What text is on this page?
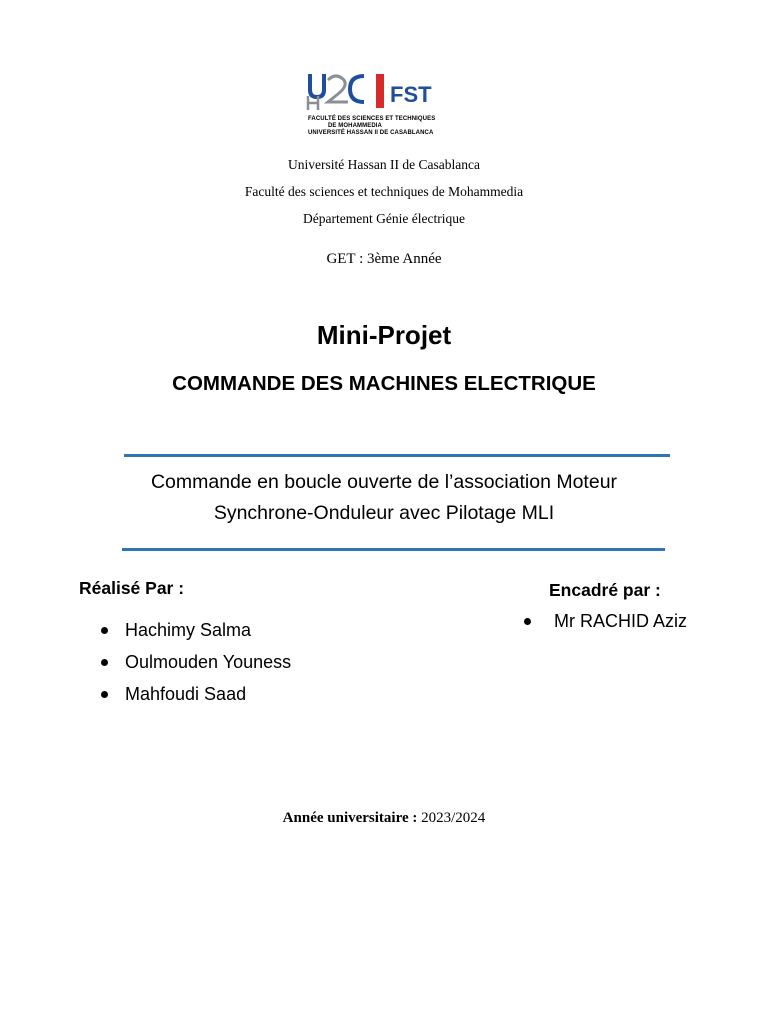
FST
FACULTÉ DES SCIENCES ET TECHNIQUES
DE MOHAMMEDIA
UNIVERSITÉ HASSAN II DE CASABLANCA
Université Hassan II de Casablanca
Faculté des sciences et techniques de Mohammedia
Département Génie électrique
GET : 3ème Année
Mini-Projet
COMMANDE DES MACHINES ELECTRIQUE
Commande en boucle ouverte de l’association Moteur
Synchrone-Onduleur avec Pilotage MLI
Réalisé Par :
Hachimy Salma
Oulmouden Youness
Mahfoudi Saad
Encadré par :
Mr RACHID Aziz
Année universitaire : 2023/2024
